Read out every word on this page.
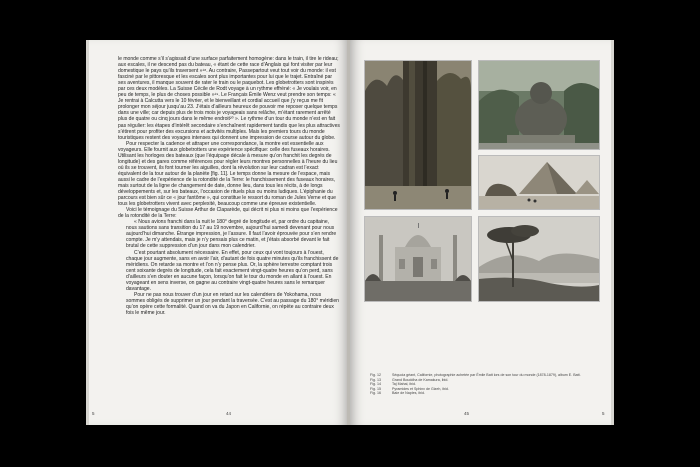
le monde comme s’il s’agissait d’une surface parfaitement homogène: dans le train, il tire le rideau; aux escales, il ne descend pas du bateau, « étant de cette race d’Anglais qui font visiter par leur domestique le pays qu’ils traversent »¹⁸. Au contraire, Passepartout veut tout voir du monde: il est fasciné par le pittoresque et les escales sont plus importantes pour lui que le trajet. Entraîné par ses aventures, il manque souvent de rater le train ou le paquebot. Les globetrotters sont inspirés par ces deux modèles. La Suisse Cécile de Rodt voyage à un rythme effréné: « Je voulais voir, en peu de temps, le plus de choses possible »¹⁹. Le Français Émile Wenz veut prendre son temps: « Je rentrai à Calcutta vers le 10 février, et le bienveillant et cordial accueil que j’y reçus me fit prolonger mon séjour jusqu’au 23. J’étais d’ailleurs heureux de pouvoir me reposer quelque temps dans une ville; car depuis plus de trois mois je voyageais sans relâche, m’étant rarement arrêté plus de quatre ou cinq jours dans le même endroit²⁰ ». Le rythme d’un tour du monde n’est en fait pas régulier: les étapes d’intérêt secondaire s’enchaînent rapidement tandis que les plus attractives s’étirent pour profiter des excursions et activités multiples. Mais les premiers tours du monde touristiques restent des voyages intenses qui donnent une impression de course autour du globe.

Pour respecter la cadence et attraper une correspondance, la montre est essentielle aux voyageurs. Elle fournit aux globetrotters une expérience spécifique: celle des fuseaux horaires. Utilisant les horloges des bateaux (que l’équipage décale à mesure qu’on franchit les degrés de longitude) et des gares comme références pour régler leurs montres personnelles à l’heure du lieu où ils se trouvent, ils font tourner les aiguilles, dont la révolution sur leur cadran est l’exact équivalent de la tour autour de la planète [fig. 11]. Le temps donne la mesure de l’espace, mais aussi le cadre de l’expérience de la rotondité de la Terre: le franchissement des fuseaux horaires, mais surtout de la ligne de changement de date, donne lieu, dans tous les récits, à de longs développements et, sur les bateaux, l’occasion de rituels plus ou moins ludiques. L’épiphanie du parcours est bien sûr ce « jour fantôme », qui constitue le ressort du roman de Jules Verne et que tous les globetrotters vivent avec perplexité, beaucoup comme une épreuve existentielle.

Voici le témoignage du Suisse Arthur de Claparède, qui décrit ni plus ni moins que l’expérience de la rotondité de la Terre:

« Nous avions franchi dans la nuit le 180° degré de longitude et, par ordre du capitaine, nous sautions sans transition du 17 au 19 novembre, aujourd’hui samedi devenant pour nous aujourd’hui dimanche. Étrange impression, je l’assure. Il faut l’avoir éprouvée pour s’en rendre compte. Je m’y attendais, mais je n’y pensais plus ce matin, et j’étais absorbé devant le fait brutal de cette suppression d’un jour dans mon calendrier.

C’est pourtant absolument nécessaire. En effet, pour ceux qui vont toujours à l’ouest, chaque jour augmente, sans en avoir l’air, d’autant de fois quatre minutes qu’ils franchissent de méridiens. On retarde sa montre et l’on n’y pense plus. Or, la sphère terrestre comptant trois cent soixante degrés de longitude, cela fait exactement vingt-quatre heures qu’on perd, sans d’ailleurs s’en douter en aucune façon, lorsqu’on fait le tour du monde en allant à l’ouest. En voyageant en sens inverse, on gagne au contraire vingt-quatre heures sans le remarquer davantage.

Pour ne pas nous trouver d’un jour en retard sur les calendriers de Yokohama, nous sommes obligés de supprimer un jour pendant la traversée. C’est au passage du 180° méridien qu’on opère cette formalité. Quand on va du Japon en Californie, on répète au contraire deux fois le même jour.

5	44
Fig. 12	Séquoia géant, Californie, photographie achetée par Émile Batt lors de son tour du monde (1878-1879), album E. Batt.
Fig. 13	Grand Bouddha de Kamakura, ibid.
Fig. 14	Taj Mahal, ibid.
Fig. 15	Pyramides et Sphinx de Gizeh, ibid.
Fig. 16	Baie de Naples, ibid.
45	5
